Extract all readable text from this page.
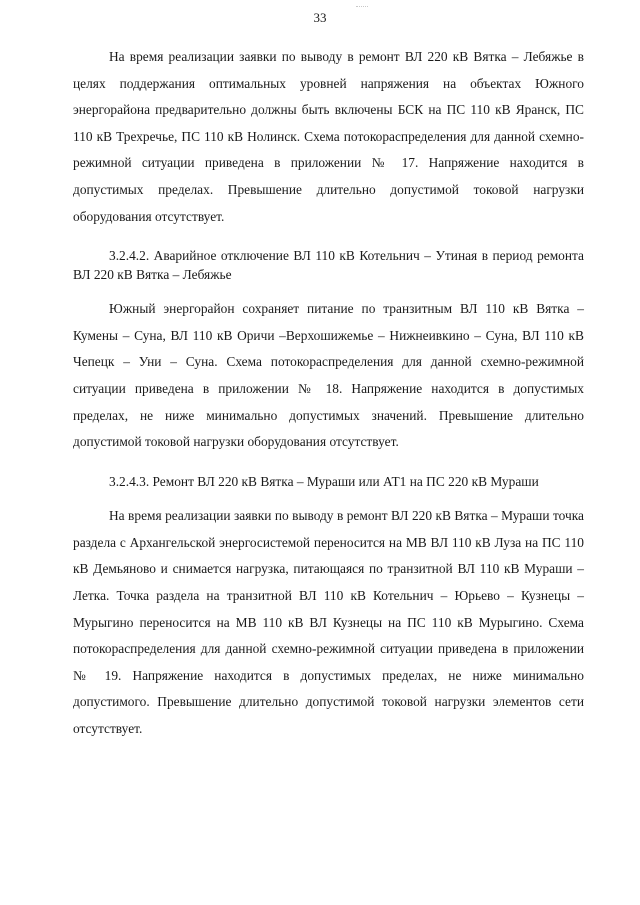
33

На время реализации заявки по выводу в ремонт ВЛ 220 кВ Вятка – Лебяжье в целях поддержания оптимальных уровней напряжения на объектах Южного энергорайона предварительно должны быть включены БСК на ПС 110 кВ Яранск, ПС 110 кВ Трехречье, ПС 110 кВ Нолинск. Схема потокораспределения для данной схемно-режимной ситуации приведена в приложении № 17. Напряжение находится в допустимых пределах. Превышение длительно допустимой токовой нагрузки оборудования отсутствует.

3.2.4.2. Аварийное отключение ВЛ 110 кВ Котельнич – Утиная в период ремонта ВЛ 220 кВ Вятка – Лебяжье

Южный энергорайон сохраняет питание по транзитным ВЛ 110 кВ Вятка – Кумены – Суна, ВЛ 110 кВ Оричи –Верхошижемье – Нижнеивкино – Суна, ВЛ 110 кВ Чепецк – Уни – Суна. Схема потокораспределения для данной схемно-режимной ситуации приведена в приложении № 18. Напряжение находится в допустимых пределах, не ниже минимально допустимых значений. Превышение длительно допустимой токовой нагрузки оборудования отсутствует.

3.2.4.3. Ремонт ВЛ 220 кВ Вятка – Мураши или АТ1 на ПС 220 кВ Мураши

На время реализации заявки по выводу в ремонт ВЛ 220 кВ Вятка – Мураши точка раздела с Архангельской энергосистемой переносится на МВ ВЛ 110 кВ Луза на ПС 110 кВ Демьяново и снимается нагрузка, питающаяся по транзитной ВЛ 110 кВ Мураши – Летка. Точка раздела на транзитной ВЛ 110 кВ Котельнич – Юрьево – Кузнецы – Мурыгино переносится на МВ 110 кВ ВЛ Кузнецы на ПС 110 кВ Мурыгино. Схема потокораспределения для данной схемно-режимной ситуации приведена в приложении № 19. Напряжение находится в допустимых пределах, не ниже минимально допустимого. Превышение длительно допустимой токовой нагрузки элементов сети отсутствует.
